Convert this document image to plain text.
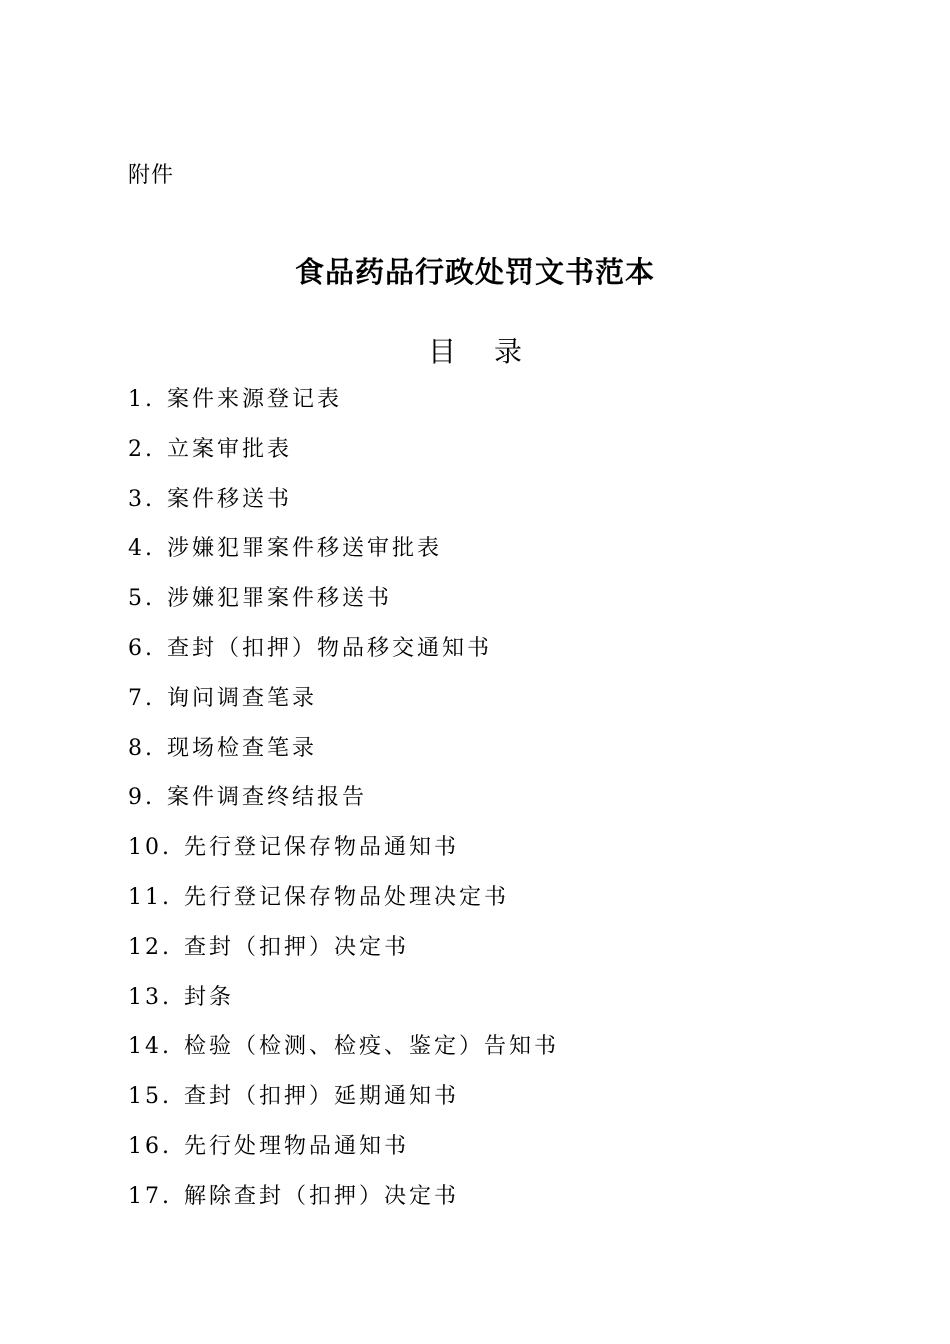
附件
食品药品行政处罚文书范本
目 录
1. 案件来源登记表
2. 立案审批表
3. 案件移送书
4. 涉嫌犯罪案件移送审批表
5. 涉嫌犯罪案件移送书
6. 查封（扣押）物品移交通知书
7. 询问调查笔录
8. 现场检查笔录
9. 案件调查终结报告
10. 先行登记保存物品通知书
11. 先行登记保存物品处理决定书
12. 查封（扣押）决定书
13. 封条
14. 检验（检测、检疫、鉴定）告知书
15. 查封（扣押）延期通知书
16. 先行处理物品通知书
17. 解除查封（扣押）决定书
